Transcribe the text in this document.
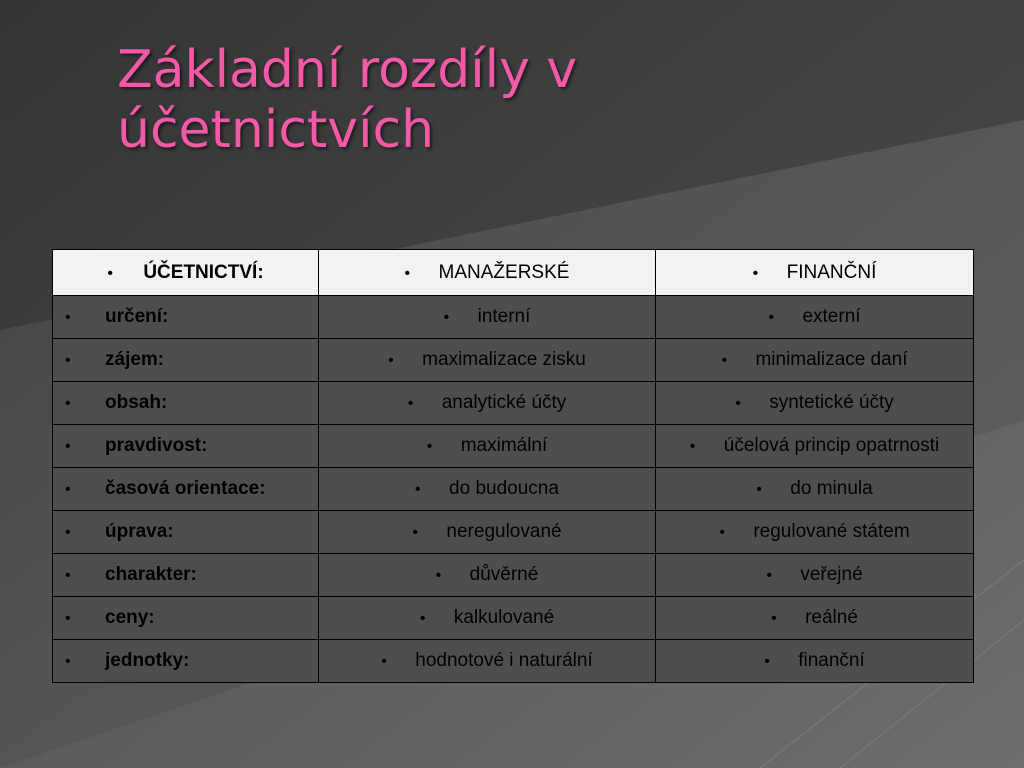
Základní rozdíly v
účetnictvích
• ÚČETNICTVÍ:	• MANAŽERSKÉ	• FINANČNÍ
• určení:	• interní	• externí
• zájem:	• maximalizace zisku	• minimalizace daní
• obsah:	• analytické účty	• syntetické účty
• pravdivost:	• maximální	• účelová princip opatrnosti
• časová orientace:	• do budoucna	• do minula
• úprava:	• neregulované	• regulované státem
• charakter:	• důvěrné	• veřejné
• ceny:	• kalkulované	• reálné
• jednotky:	• hodnotové i naturální	• finanční
